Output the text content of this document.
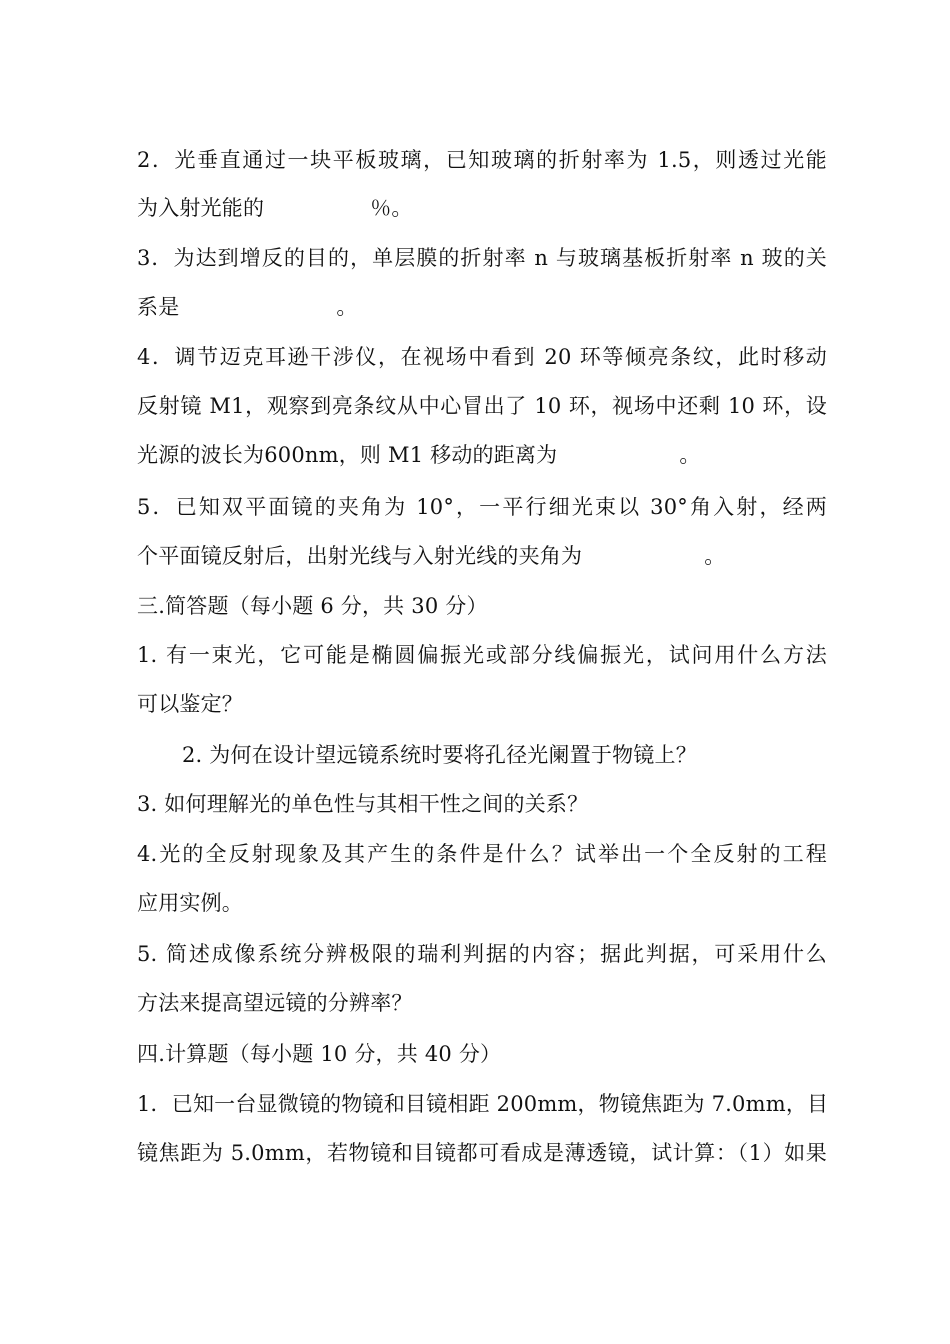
2．光垂直通过一块平板玻璃，已知玻璃的折射率为 1.5，则透过光能
为入射光能的	％。
3．为达到增反的目的，单层膜的折射率 n 与玻璃基板折射率 n 玻的关
系是	。
4．调节迈克耳逊干涉仪，在视场中看到 20 环等倾亮条纹，此时移动
反射镜 M1，观察到亮条纹从中心冒出了 10 环，视场中还剩 10 环，设
光源的波长为600nm，则 M1 移动的距离为	。
5．已知双平面镜的夹角为 10°，一平行细光束以 30°角入射，经两
个平面镜反射后，出射光线与入射光线的夹角为	。
三.简答题（每小题 6 分，共 30 分）
1. 有一束光，它可能是椭圆偏振光或部分线偏振光，试问用什么方法
可以鉴定？
2. 为何在设计望远镜系统时要将孔径光阑置于物镜上？
3. 如何理解光的单色性与其相干性之间的关系？
4.光的全反射现象及其产生的条件是什么？试举出一个全反射的工程
应用实例。
5. 简述成像系统分辨极限的瑞利判据的内容；据此判据，可采用什么
方法来提高望远镜的分辨率？
四.计算题（每小题 10 分，共 40 分）
1．已知一台显微镜的物镜和目镜相距 200mm，物镜焦距为 7.0mm，目
镜焦距为 5.0mm，若物镜和目镜都可看成是薄透镜，试计算：（1）如果
